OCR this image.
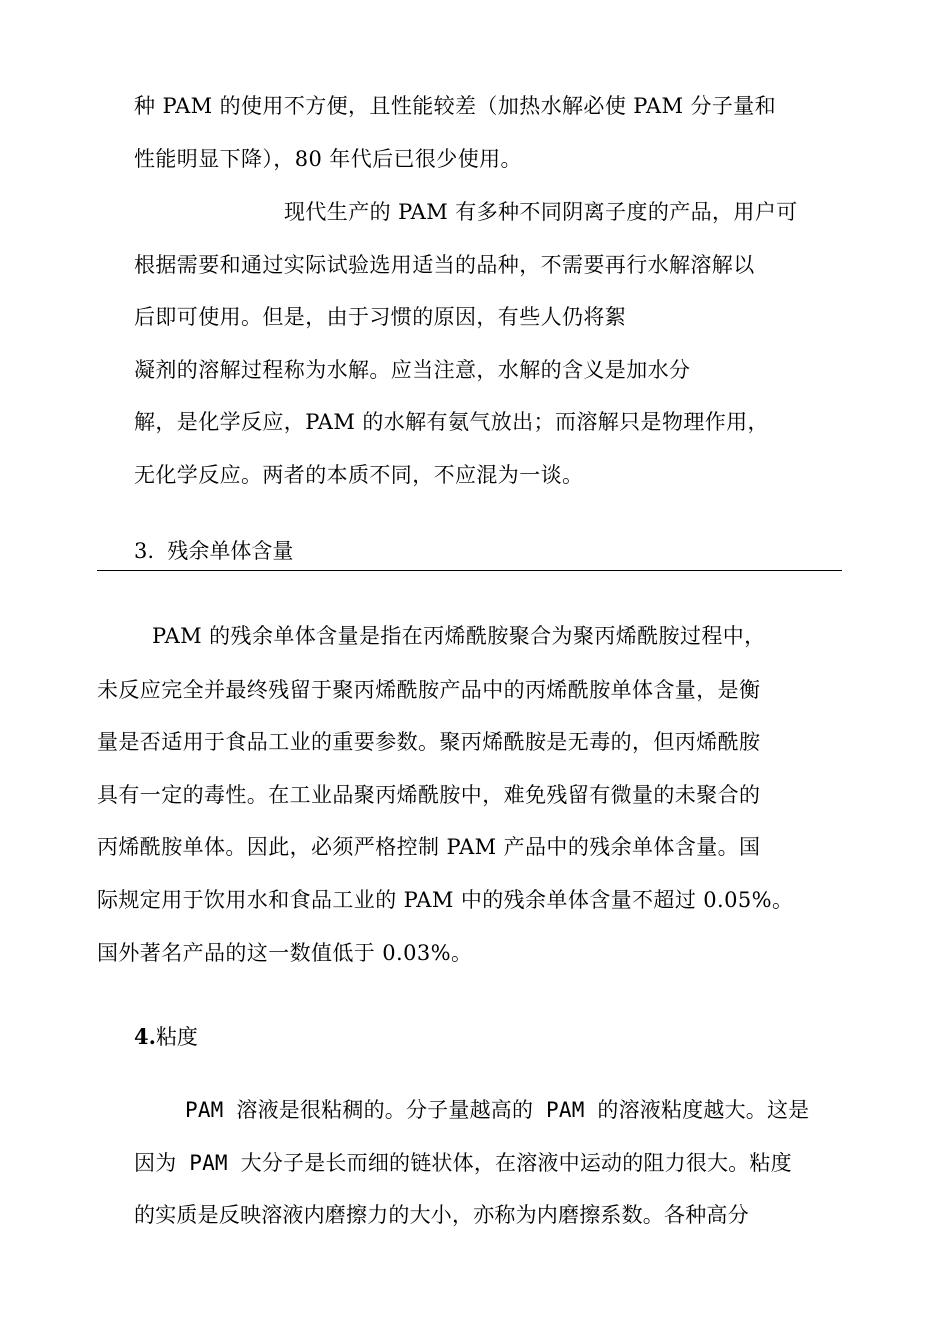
种 PAM 的使用不方便，且性能较差（加热水解必使 PAM 分子量和
性能明显下降），80 年代后已很少使用。
现代生产的 PAM 有多种不同阴离子度的产品，用户可
根据需要和通过实际试验选用适当的品种，不需要再行水解溶解以
后即可使用。但是，由于习惯的原因，有些人仍将絮
凝剂的溶解过程称为水解。应当注意，水解的含义是加水分
解，是化学反应，PAM 的水解有氨气放出；而溶解只是物理作用，
无化学反应。两者的本质不同，不应混为一谈。
3. 残余单体含量
PAM 的残余单体含量是指在丙烯酰胺聚合为聚丙烯酰胺过程中，
未反应完全并最终残留于聚丙烯酰胺产品中的丙烯酰胺单体含量，是衡
量是否适用于食品工业的重要参数。聚丙烯酰胺是无毒的，但丙烯酰胺
具有一定的毒性。在工业品聚丙烯酰胺中，难免残留有微量的未聚合的
丙烯酰胺单体。因此，必须严格控制 PAM 产品中的残余单体含量。国
际规定用于饮用水和食品工业的 PAM 中的残余单体含量不超过 0.05%。
国外著名产品的这一数值低于 0.03%。
4.粘度
PAM 溶液是很粘稠的。分子量越高的 PAM 的溶液粘度越大。这是
因为 PAM 大分子是长而细的链状体，在溶液中运动的阻力很大。粘度
的实质是反映溶液内磨擦力的大小，亦称为内磨擦系数。各种高分
